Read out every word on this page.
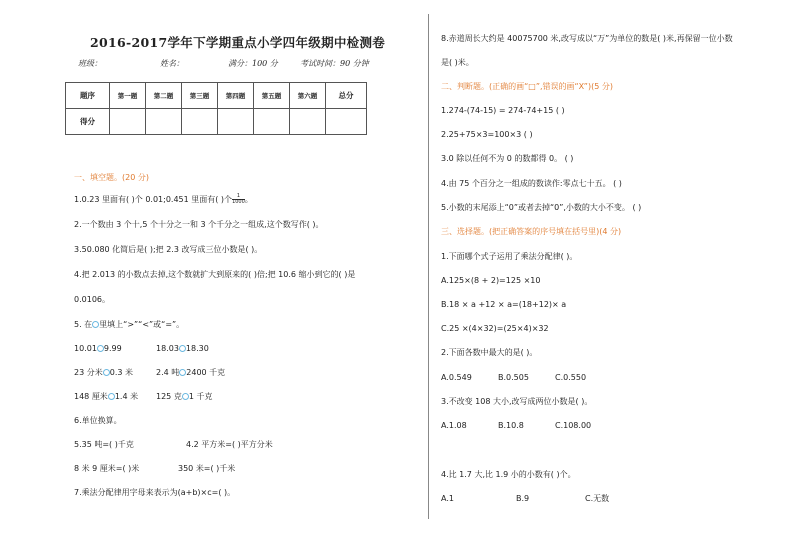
2016-2017学年下学期重点小学四年级期中检测卷
班级：	姓名：	满分：100 分	考试时间：90 分钟
题序	第一题	第二题	第三题	第四题	第五题	第六题	总分
得分							
一、填空题。(20 分)
1.0.23 里面有( )个 0.01;0.451 里面有( )个 $\frac{1}{1000}$。
2.一个数由 3 个十,5 个十分之一和 3 个千分之一组成,这个数写作( )。
3.50.080 化简后是( );把 2.3 改写成三位小数是( )。
4.把 2.013 的小数点去掉,这个数就扩大到原来的( )倍;把 10.6 缩小到它的( )是
0.0106。
5. 在 里填上“>”“<”或“=”。
10.01 9.99	18.03 18.30
23 分米 0.3 米	2.4 吨 2400 千克
148 厘米 1.4 米 125 克 1 千克
6.单位换算。
5.35 吨=( )千克	4.2 平方米=( )平方分米
8 米 9 厘米=( )米	350 米=( )千米
7.乘法分配律用字母来表示为(a+b)×c=( )。
8.赤道周长大约是 40075700 米,改写成以“万”为单位的数是( )米,再保留一位小数
是( )米。
二、判断题。(正确的画“□”,错误的画“X”)(5 分)
1.274-(74-15) = 274-74+15 ( )
2.25+75×3=100×3 ( )
3.0 除以任何不为 0 的数都得 0。 ( )
4.由 75 个百分之一组成的数读作:零点七十五。 ( )
5.小数的末尾添上“0”或者去掉“0”,小数的大小不变。 ( )
三、选择题。(把正确答案的序号填在括号里)(4 分)
1.下面哪个式子运用了乘法分配律( )。
A.125×(8 + 2)=125 ×10
B.18 × a +12 × a=(18+12)× a
C.25 ×(4×32)=(25×4)×32
2.下面各数中最大的是( )。
A.0.549	B.0.505	C.0.550
3.不改变 108 大小,改写成两位小数是( )。
A.1.08	B.10.8	C.108.00
4.比 1.7 大,比 1.9 小的小数有( )个。
A.1	B.9	C.无数
